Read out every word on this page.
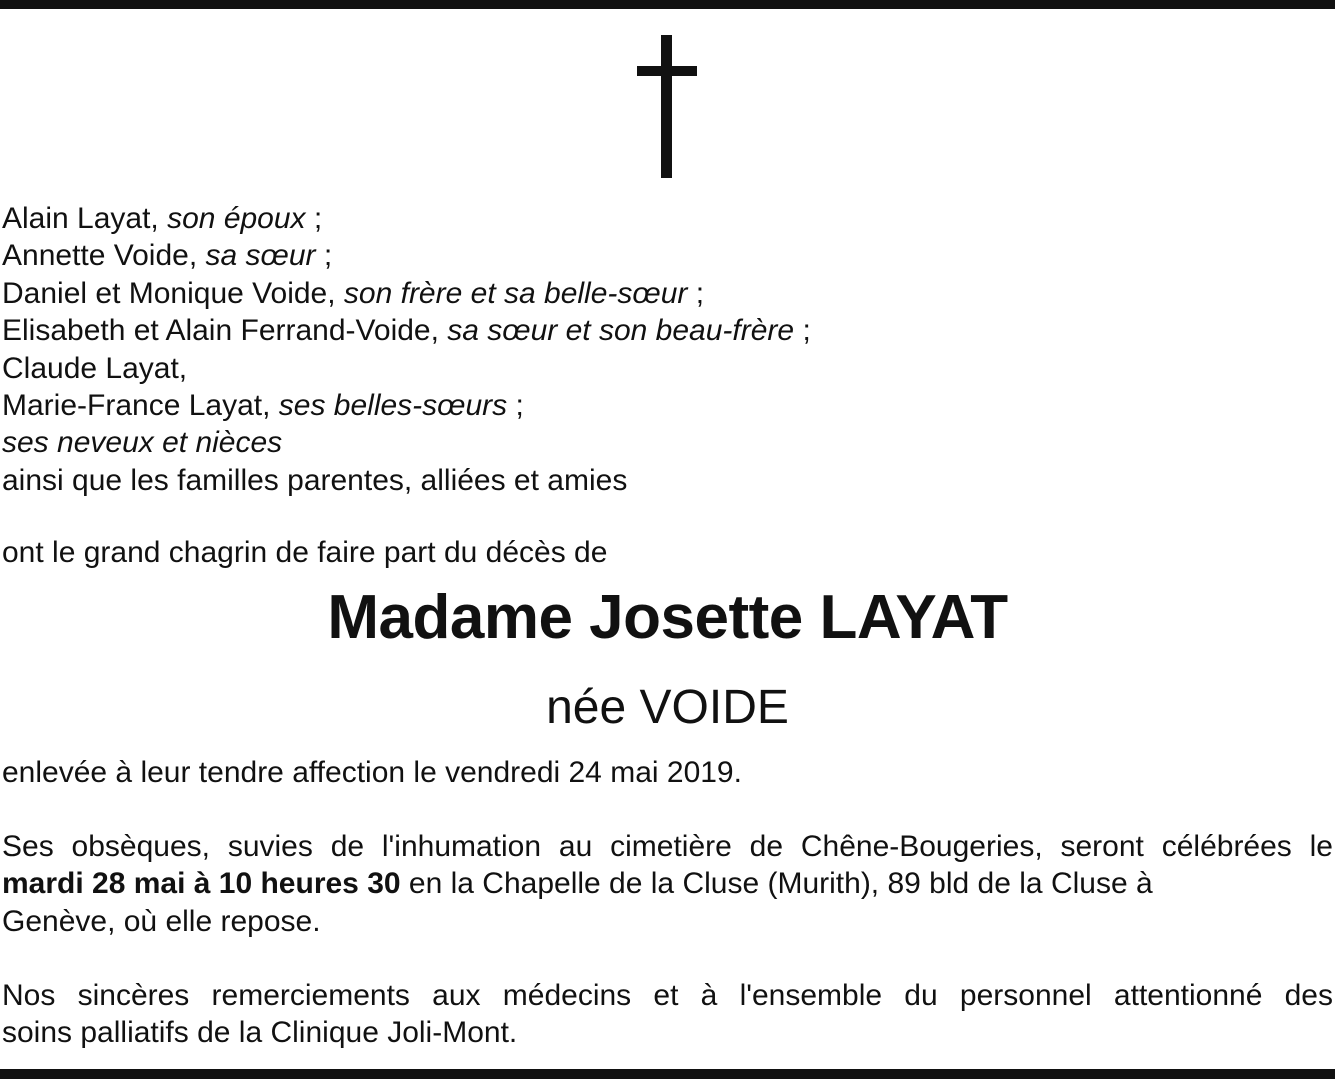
Alain Layat, son époux ;
Annette Voide, sa sœur ;
Daniel et Monique Voide, son frère et sa belle-sœur ;
Elisabeth et Alain Ferrand-Voide, sa sœur et son beau-frère ;
Claude Layat,
Marie-France Layat, ses belles-sœurs ;
ses neveux et nièces
ainsi que les familles parentes, alliées et amies
ont le grand chagrin de faire part du décès de
Madame Josette LAYAT
née VOIDE
enlevée à leur tendre affection le vendredi 24 mai 2019.
Ses obsèques, suvies de l'inhumation au cimetière de Chêne-Bougeries, seront célébrées le
mardi 28 mai à 10 heures 30 en la Chapelle de la Cluse (Murith), 89 bld de la Cluse à
Genève, où elle repose.
Nos sincères remerciements aux médecins et à l'ensemble du personnel attentionné des
soins palliatifs de la Clinique Joli-Mont.
